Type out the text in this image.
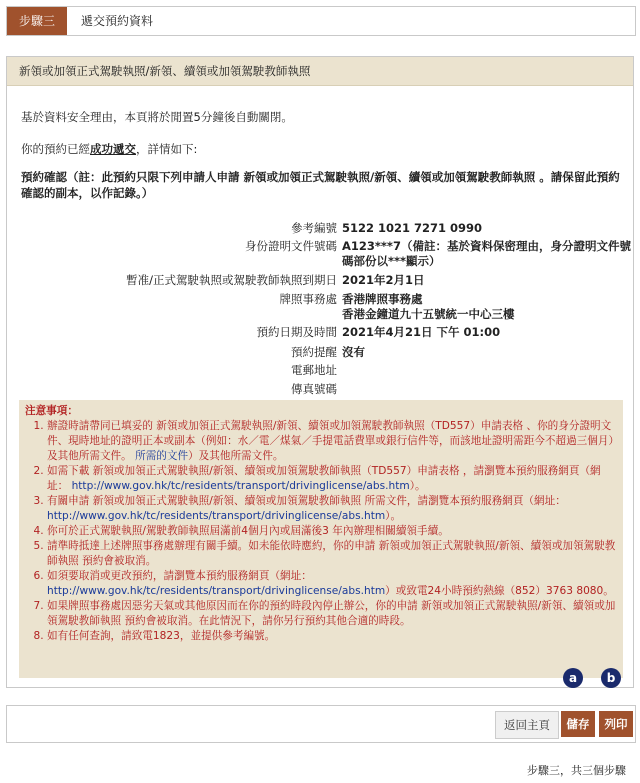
步驟三	遞交預約資料
新領或加領正式駕駛執照/新領、續領或加領駕駛教師執照
基於資料安全理由，本頁將於閒置5分鐘後自動關閉。
你的預約已經成功遞交，詳情如下:
預約確認（註：此預約只限下列申請人申請 新領或加領正式駕駛執照/新領、續領或加領駕駛教師執照 。請保留此預約確認的副本，以作記錄。）
參考編號 5122 1021 7271 0990
身份證明文件號碼 A123***7（備註：基於資料保密理由，身分證明文件號碼部份以***顯示）
暫准/正式駕駛執照或駕駛教師執照到期日 2021年2月1日
牌照事務處 香港牌照事務處
香港金鐘道九十五號統一中心三樓
預約日期及時間 2021年4月21日 下午 01:00
預約提醒 沒有
電郵地址
傳真號碼
注意事項：
1. 辦證時請帶同已填妥的 新領或加領正式駕駛執照/新領、續領或加領駕駛教師執照（TD557）申請表格 、你的身分證明文件、現時地址的證明正本或副本（例如：水／電／煤氣／手提電話費單或銀行信件等，而該地址證明需距今不超過三個月）及其他所需文件。 所需的文件）及其他所需文件。
2. 如需下載 新領或加領正式駕駛執照/新領、續領或加領駕駛教師執照（TD557）申請表格 ，請瀏覽本預約服務網頁（網址： http://www.gov.hk/tc/residents/transport/drivinglicense/abs.htm）。
3. 有關申請 新領或加領正式駕駛執照/新領、續領或加領駕駛教師執照 所需文件，請瀏覽本預約服務網頁（網址： http://www.gov.hk/tc/residents/transport/drivinglicense/abs.htm）。
4. 你可於正式駕駛執照/駕駛教師執照屆滿前4個月內或屆滿後3 年內辦理相關續領手續。
5. 請準時抵達上述牌照事務處辦理有關手續。如未能依時應約，你的申請 新領或加領正式駕駛執照/新領、續領或加領駕駛教師執照 預約會被取消。
6. 如須要取消或更改預約，請瀏覽本預約服務網頁（網址： http://www.gov.hk/tc/residents/transport/drivinglicense/abs.htm）或致電24小時預約熱線（852）3763 8080。
7. 如果牌照事務處因惡劣天氣或其他原因而在你的預約時段內停止辦公，你的申請 新領或加領正式駕駛執照/新領、續領或加領駕駛教師執照 預約會被取消。在此情況下，請你另行預約其他合適的時段。
8. 如有任何查詢，請致電1823，並提供參考編號。
a	b
返回主頁	儲存	列印
步驟三，共三個步驟
